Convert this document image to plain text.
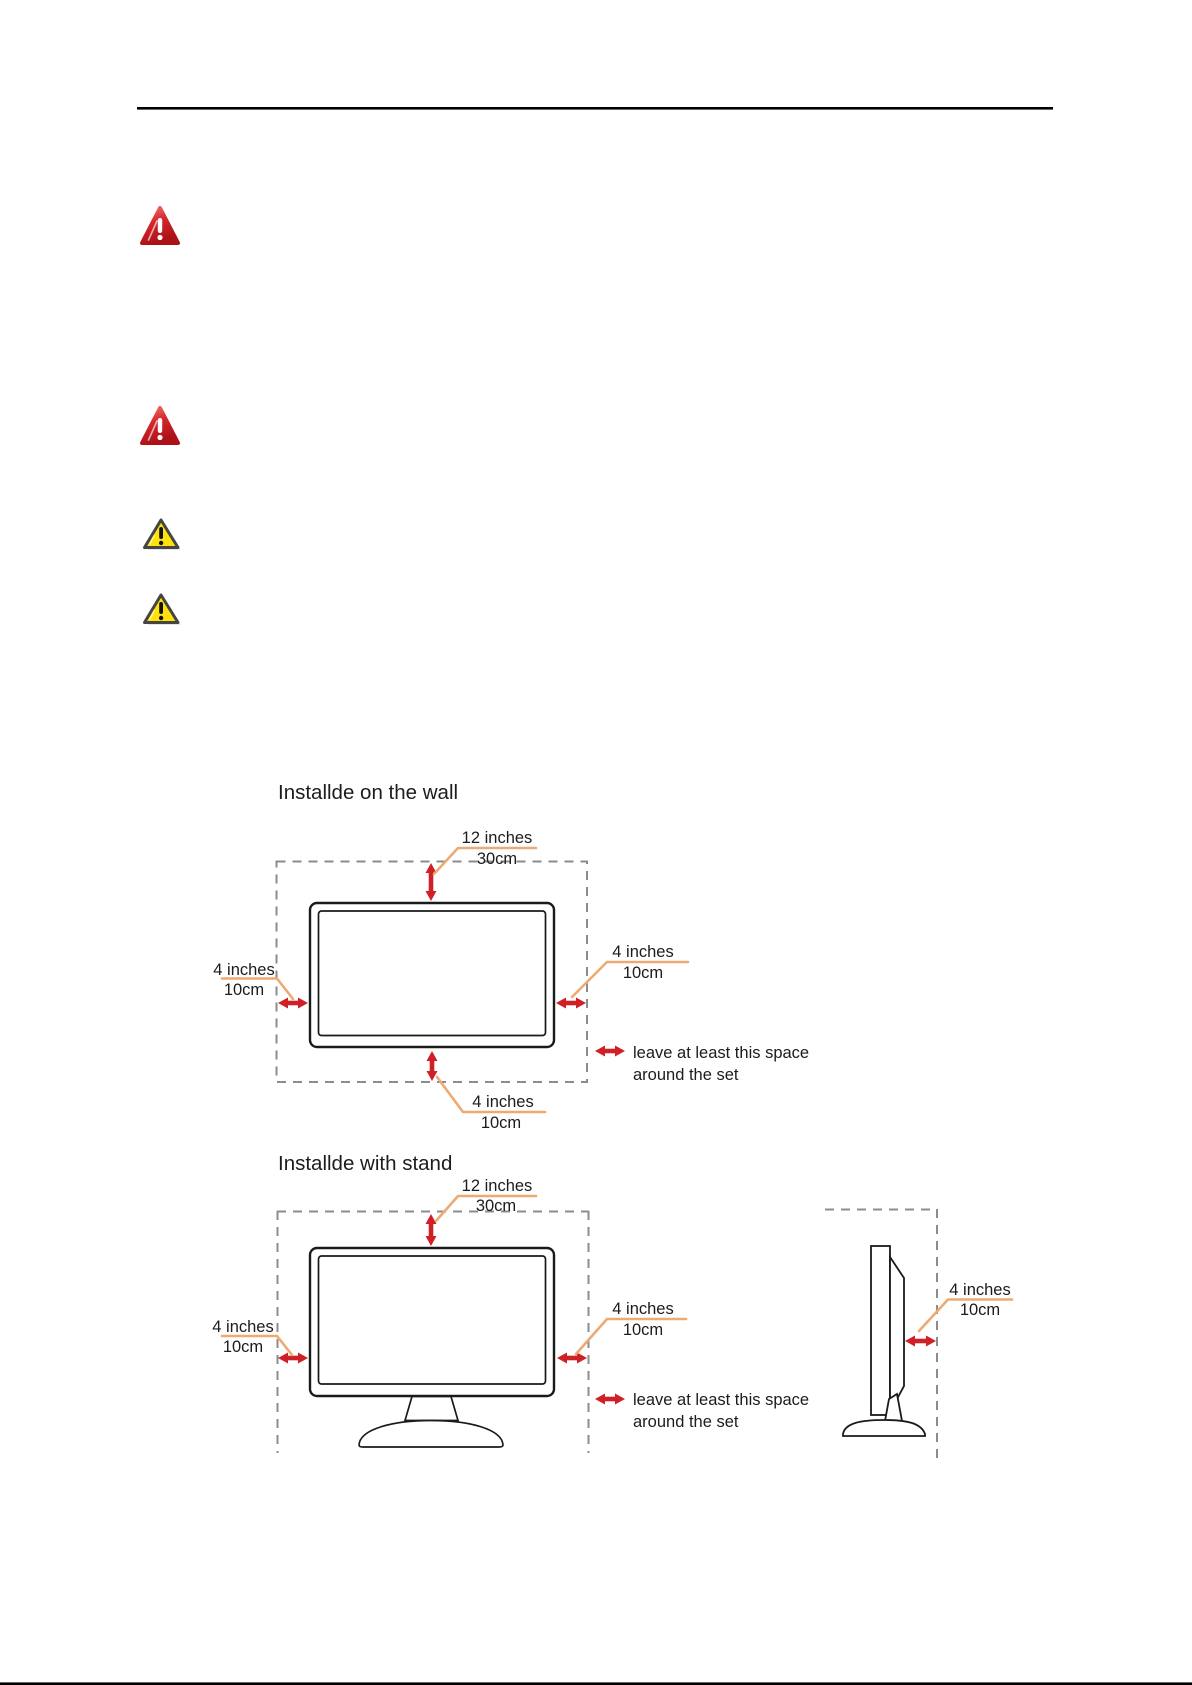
Installde on the wall
12 inches
30cm
4 inches
10cm
4 inches
10cm
4 inches
10cm
leave at least this space
around the set
Installde with stand
12 inches
30cm
4 inches
10cm
4 inches
10cm
leave at least this space
around the set
4 inches
10cm
